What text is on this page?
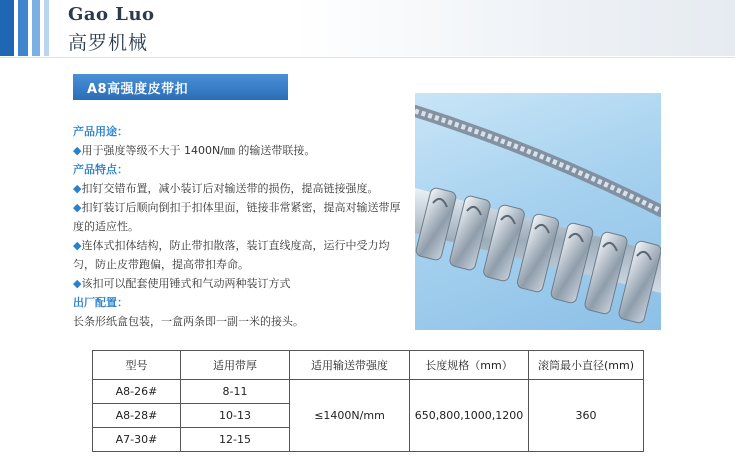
Gao Luo
高罗机械
A8高强度皮带扣
产品用途：
◆用于强度等级不大于 1400N/㎜ 的输送带联接。
产品特点：
◆扣钉交错布置，减小装订后对输送带的损伤，提高链接强度。
◆扣钉装订后顺向倒扣于扣体里面，链接非常紧密，提高对输送带厚度的适应性。
◆连体式扣体结构，防止带扣散落，装订直线度高，运行中受力均匀，防止皮带跑偏，提高带扣寿命。
◆该扣可以配套使用锤式和气动两种装订方式
出厂配置：
长条形纸盒包装，一盒两条即一副一米的接头。
型号	适用带厚	适用输送带强度	长度规格（mm）	滚筒最小直径(mm)
A8-26#	8-11	≤1400N/mm	650,800,1000,1200	360
A8-28#	10-13			
A7-30#	12-15			
